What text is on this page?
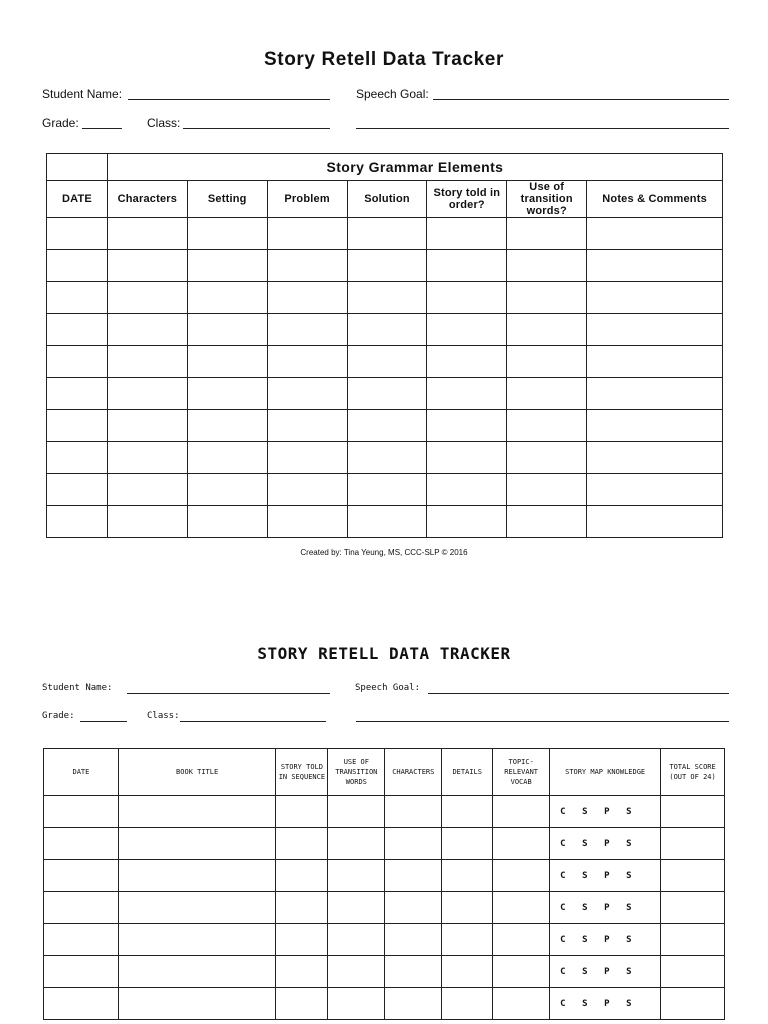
Story Retell Data Tracker
Student Name:	Speech Goal:
Grade:	Class:
	Story Grammar Elements						
DATE	Characters	Setting	Problem	Solution	Story told in order?	Use of transition words?	Notes & Comments

Created by: Tina Yeung, MS, CCC-SLP © 2016
STORY RETELL DATA TRACKER
Student Name:	Speech Goal:
Grade:	Class:
DATE	BOOK TITLE	STORY TOLD IN SEQUENCE	USE OF TRANSITION WORDS	CHARACTERS	DETAILS	TOPIC-RELEVANT VOCAB	STORY MAP KNOWLEDGE	TOTAL SCORE (OUT OF 24)
							C S P S	
							C S P S	
							C S P S	
							C S P S	
							C S P S	
							C S P S	
							C S P S	
